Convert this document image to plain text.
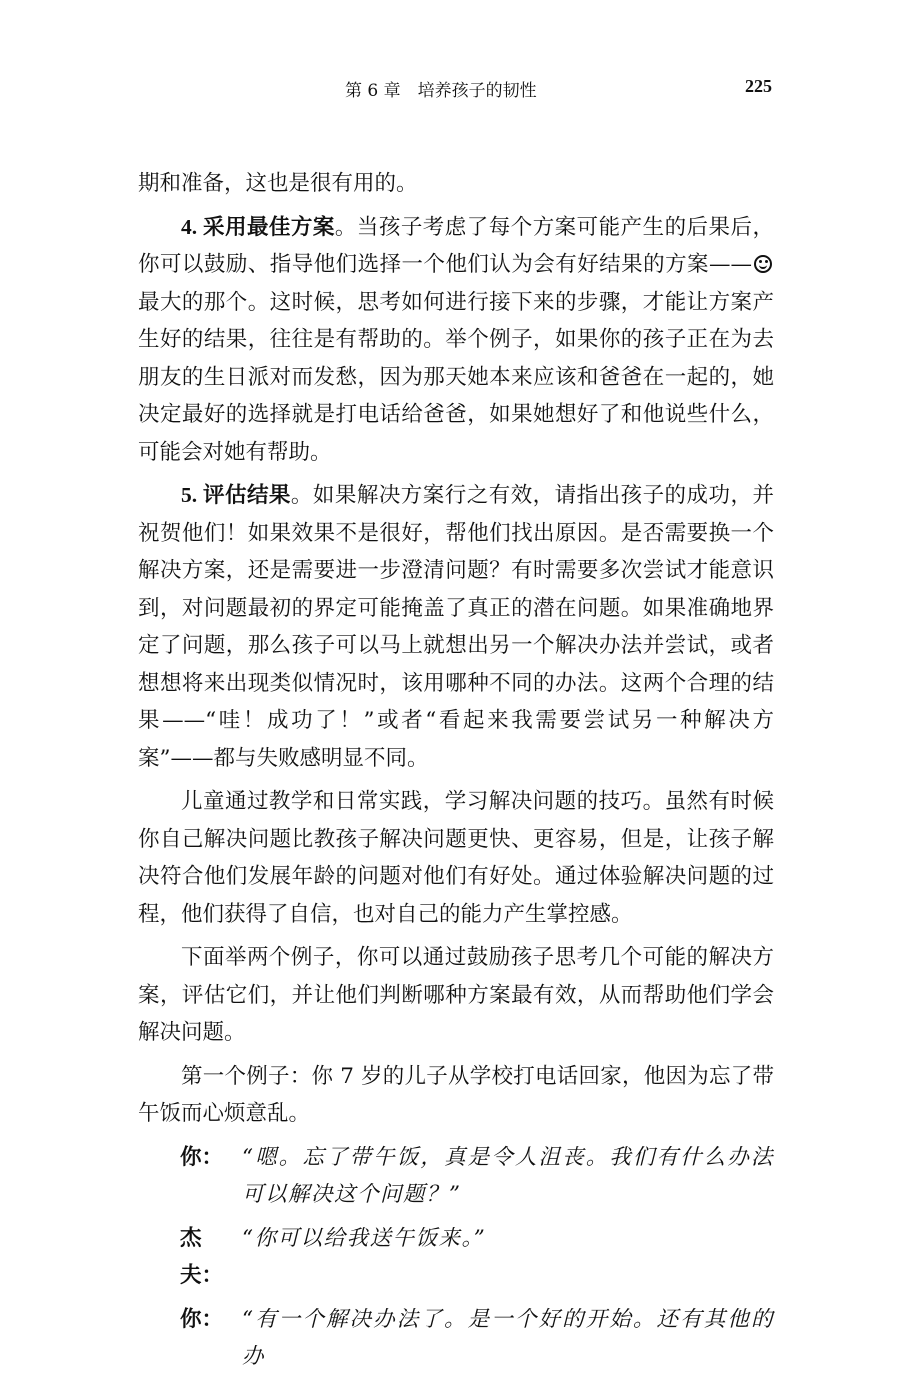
第 6 章　培养孩子的韧性	225

期和准备，这也是很有用的。

4. 采用最佳方案。当孩子考虑了每个方案可能产生的后果后，你可以鼓励、指导他们选择一个他们认为会有好结果的方案—— 最大的那个。这时候，思考如何进行接下来的步骤，才能让方案产生好的结果，往往是有帮助的。举个例子，如果你的孩子正在为去朋友的生日派对而发愁，因为那天她本来应该和爸爸在一起的，她决定最好的选择就是打电话给爸爸，如果她想好了和他说些什么，可能会对她有帮助。

5. 评估结果。如果解决方案行之有效，请指出孩子的成功，并祝贺他们！如果效果不是很好，帮他们找出原因。是否需要换一个解决方案，还是需要进一步澄清问题？有时需要多次尝试才能意识到，对问题最初的界定可能掩盖了真正的潜在问题。如果准确地界定了问题，那么孩子可以马上就想出另一个解决办法并尝试，或者想想将来出现类似情况时，该用哪种不同的办法。这两个合理的结果——“哇！成功了！”或者“看起来我需要尝试另一种解决方案”——都与失败感明显不同。

儿童通过教学和日常实践，学习解决问题的技巧。虽然有时候你自己解决问题比教孩子解决问题更快、更容易，但是，让孩子解决符合他们发展年龄的问题对他们有好处。通过体验解决问题的过程，他们获得了自信，也对自己的能力产生掌控感。

下面举两个例子，你可以通过鼓励孩子思考几个可能的解决方案，评估它们，并让他们判断哪种方案最有效，从而帮助他们学会解决问题。

第一个例子：你 7 岁的儿子从学校打电话回家，他因为忘了带午饭而心烦意乱。

你： “嗯。忘了带午饭，真是令人沮丧。我们有什么办法可以解决这个问题？”
杰夫：
“你可以给我送午饭来。”
你： “有一个解决办法了。是一个好的开始。还有其他的办
